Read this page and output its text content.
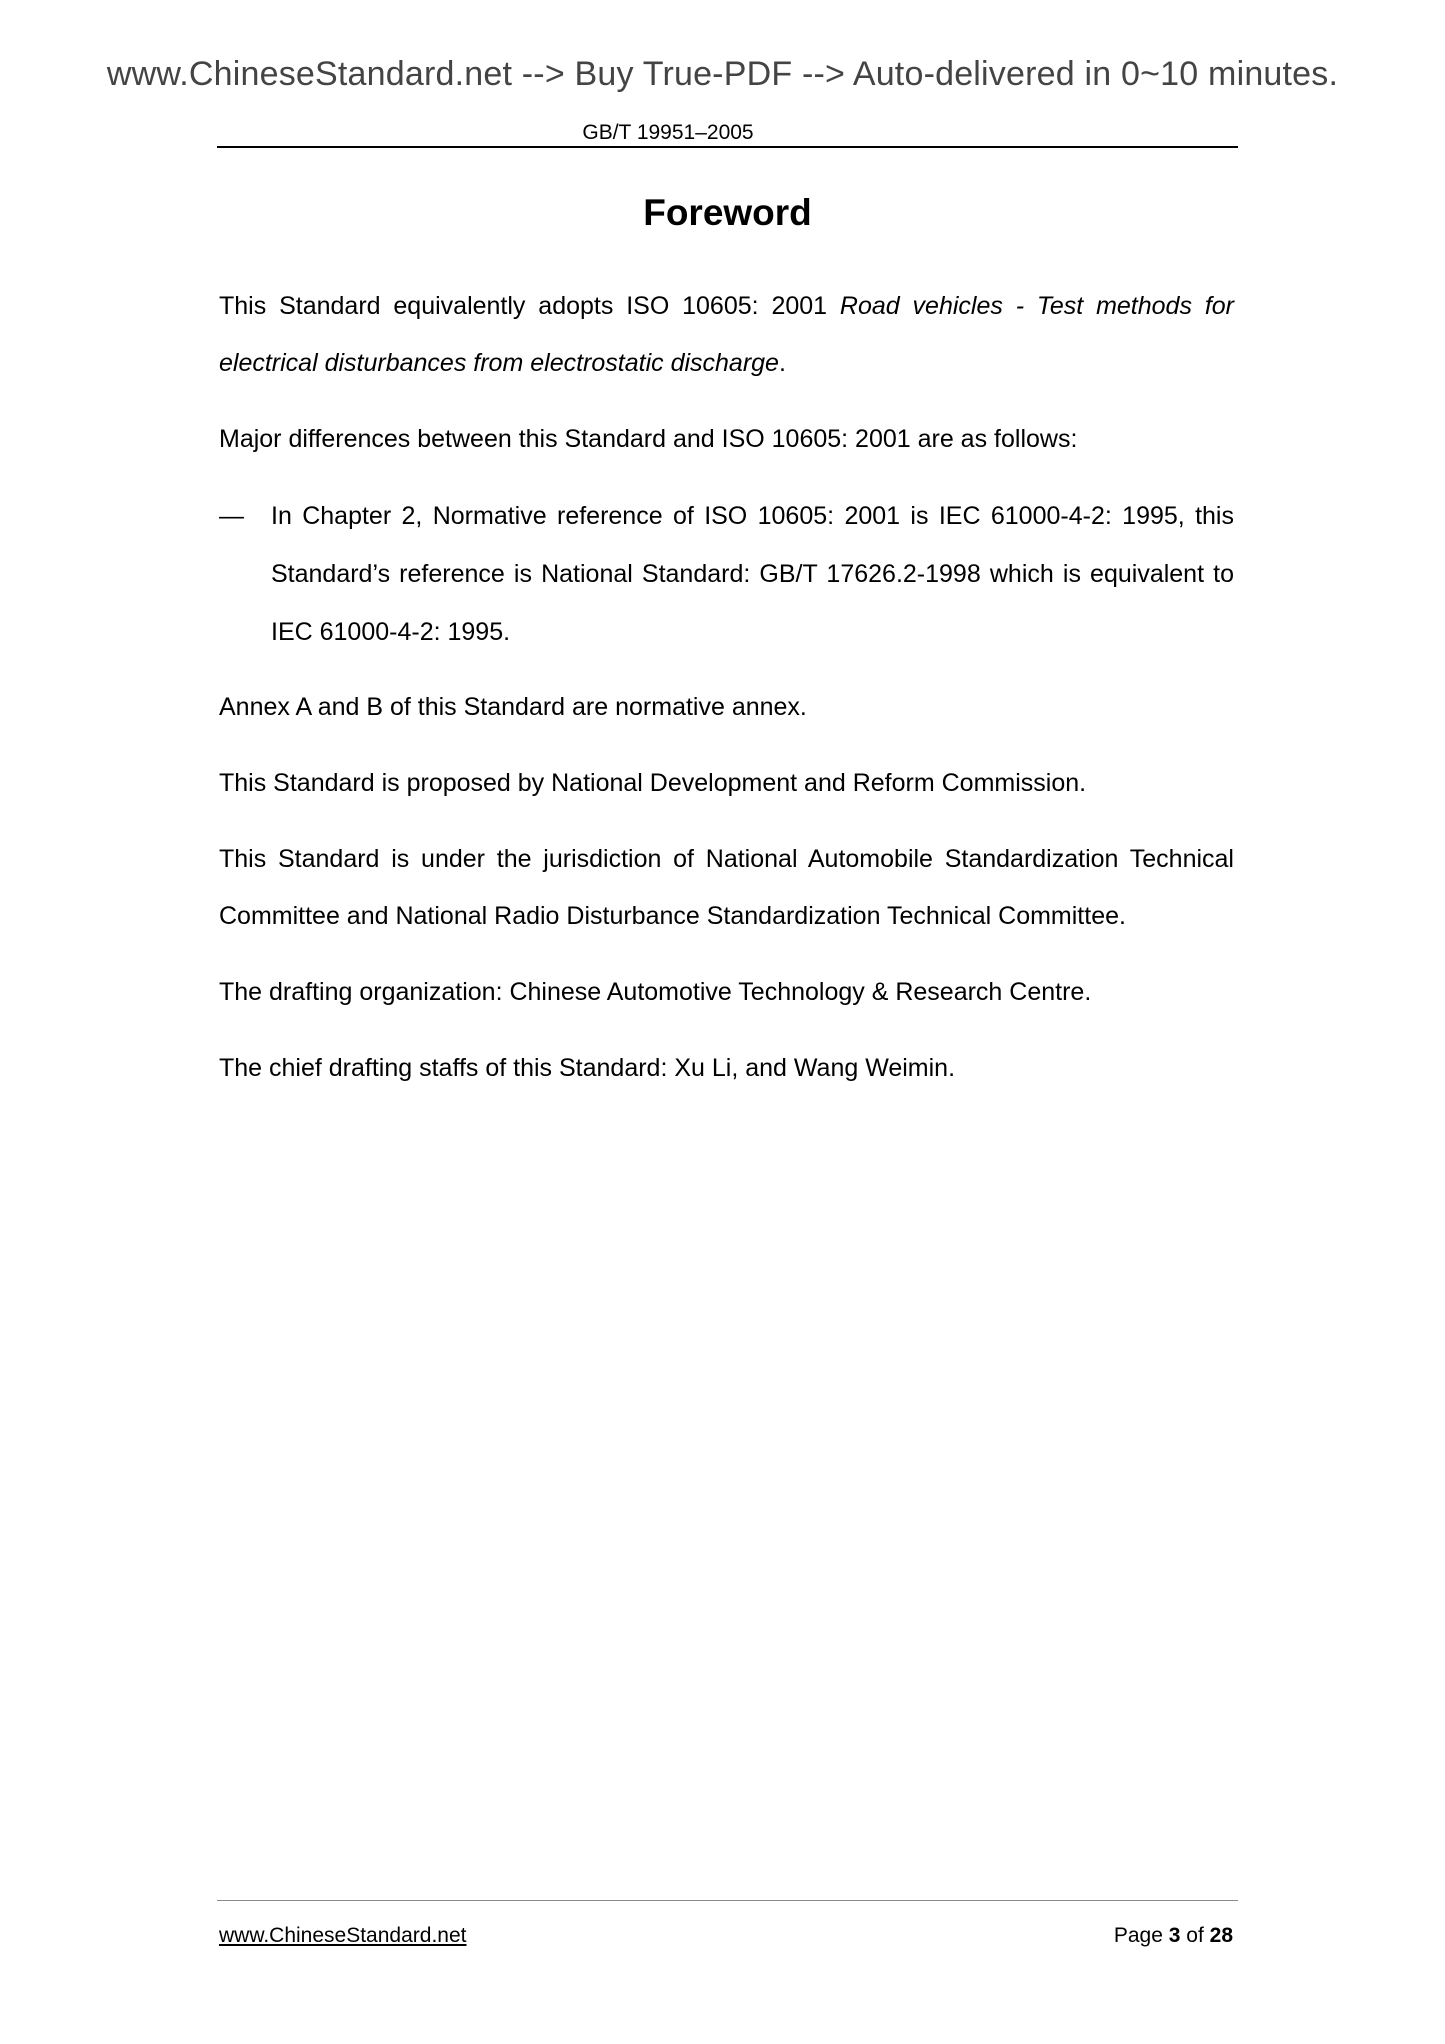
www.ChineseStandard.net --> Buy True-PDF --> Auto-delivered in 0~10 minutes.
GB/T 19951–2005
Foreword

This Standard equivalently adopts ISO 10605: 2001 Road vehicles - Test methods for electrical disturbances from electrostatic discharge.

Major differences between this Standard and ISO 10605: 2001 are as follows:

— In Chapter 2, Normative reference of ISO 10605: 2001 is IEC 61000-4-2: 1995, this Standard’s reference is National Standard: GB/T 17626.2-1998 which is equivalent to IEC 61000-4-2: 1995.

Annex A and B of this Standard are normative annex.

This Standard is proposed by National Development and Reform Commission.

This Standard is under the jurisdiction of National Automobile Standardization Technical Committee and National Radio Disturbance Standardization Technical Committee.

The drafting organization: Chinese Automotive Technology & Research Centre.

The chief drafting staffs of this Standard: Xu Li, and Wang Weimin.

www.ChineseStandard.net	Page 3 of 28
